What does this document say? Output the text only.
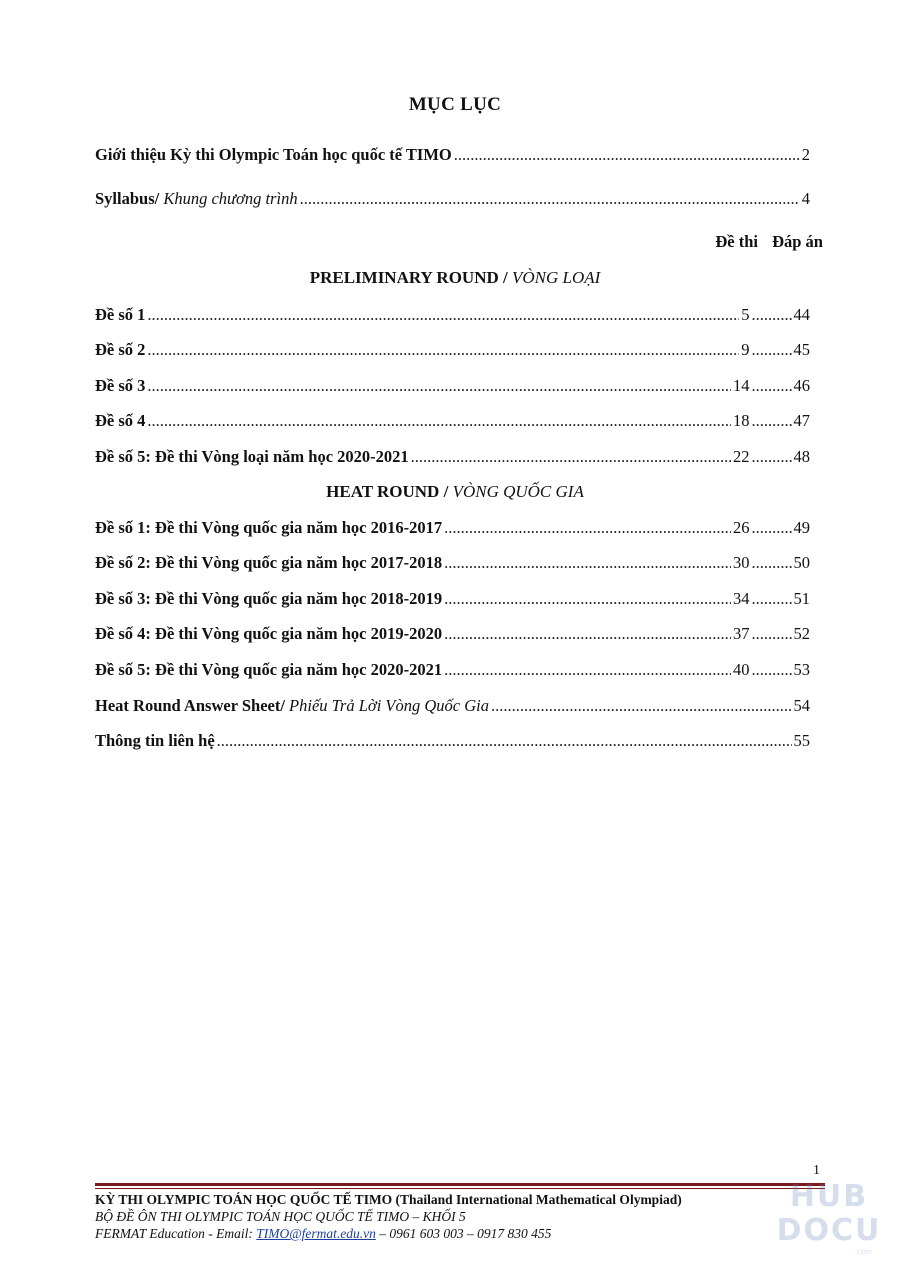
MỤC LỤC
Giới thiệu Kỳ thi Olympic Toán học quốc tế TIMO .....	2
Syllabus/ Khung chương trình .....	4
Đề thi Đáp án
PRELIMINARY ROUND / VÒNG LOẠI
Đề số 1 .....	5 .....	44
Đề số 2 .....	9 .....	45
Đề số 3 .....	14 .....	46
Đề số 4 .....	18 .....	47
Đề số 5: Đề thi Vòng loại năm học 2020-2021 .....	22 .....	48
HEAT ROUND / VÒNG QUỐC GIA
Đề số 1: Đề thi Vòng quốc gia năm học 2016-2017 .....	26 .....	49
Đề số 2: Đề thi Vòng quốc gia năm học 2017-2018 .....	30 .....	50
Đề số 3: Đề thi Vòng quốc gia năm học 2018-2019 .....	34 .....	51
Đề số 4: Đề thi Vòng quốc gia năm học 2019-2020 .....	37 .....	52
Đề số 5: Đề thi Vòng quốc gia năm học 2020-2021 .....	40 .....	53
Heat Round Answer Sheet/ Phiếu Trả Lời Vòng Quốc Gia .....	54
Thông tin liên hệ .....	55
1
KỲ THI OLYMPIC TOÁN HỌC QUỐC TẾ TIMO (Thailand International Mathematical Olympiad)
BỘ ĐỀ ÔN THI OLYMPIC TOÁN HỌC QUỐC TẾ TIMO – KHỐI 5
FERMAT Education - Email: TIMO@fermat.edu.vn – 0961 603 003 – 0917 830 455
HUB
DOCU
.com
